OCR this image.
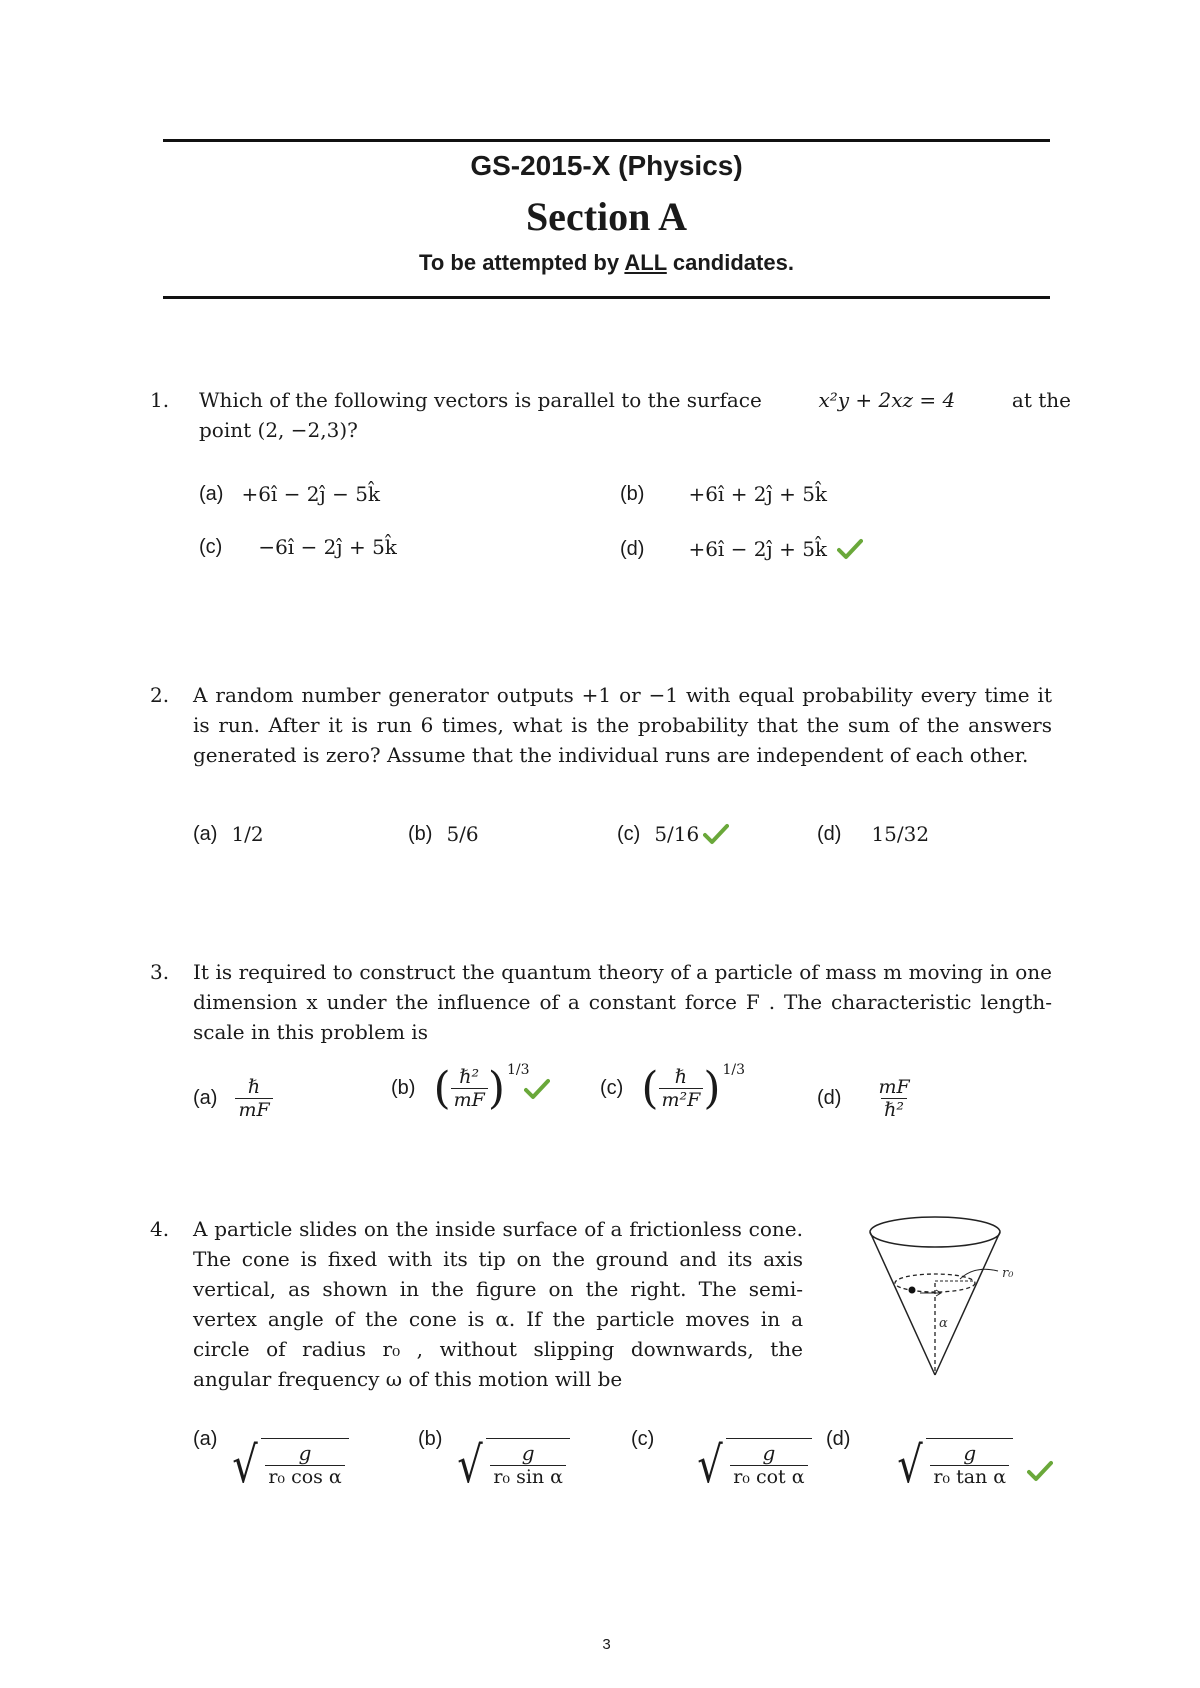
GS-2015-X (Physics)
Section A
To be attempted by ALL candidates.
1. Which of the following vectors is parallel to the surface	x²y + 2xz = 4	at the
point (2, −2,3)?
(a) +6î − 2ĵ − 5k̂	(b) +6î + 2ĵ + 5k̂
(c) −6î − 2ĵ + 5k̂	(d) +6î − 2ĵ + 5k̂
2. A random number generator outputs +1 or −1 with equal probability every time it is run. After it is run 6 times, what is the probability that the sum of the answers generated is zero? Assume that the individual runs are independent of each other.
(a) 1/2	(b) 5/6	(c) 5/16	(d) 15/32
3. It is required to construct the quantum theory of a particle of mass m moving in one dimension x under the influence of a constant force F . The characteristic length-scale in this problem is
$(a) \frac{\text{ℏ}}{mF}$	(b) ( $\frac{\text{ℏ²}}{mF}$ ) 1/3
(c) ( $\frac{\text{ℏ}}{\text{m²F}}$ ) 1/3
$(d) \frac{mF}{\text{ℏ²}}$
4. A particle slides on the inside surface of a frictionless cone. The cone is fixed with its tip on the ground and its axis vertical, as shown in the figure on the right. The semi-vertex angle of the cone is α. If the particle moves in a circle of radius r₀ , without slipping downwards, the angular frequency ω of this motion will be
r₀
α
(a) √ $\frac{g}{\text{r₀ cos α}}$	(b) √ $\frac{g}{\text{r₀ sin α}}$	(c) √ $\frac{g}{\text{r₀ cot α}} (d)$ √ $\frac{g}{\text{r₀ tan α}}$
3
